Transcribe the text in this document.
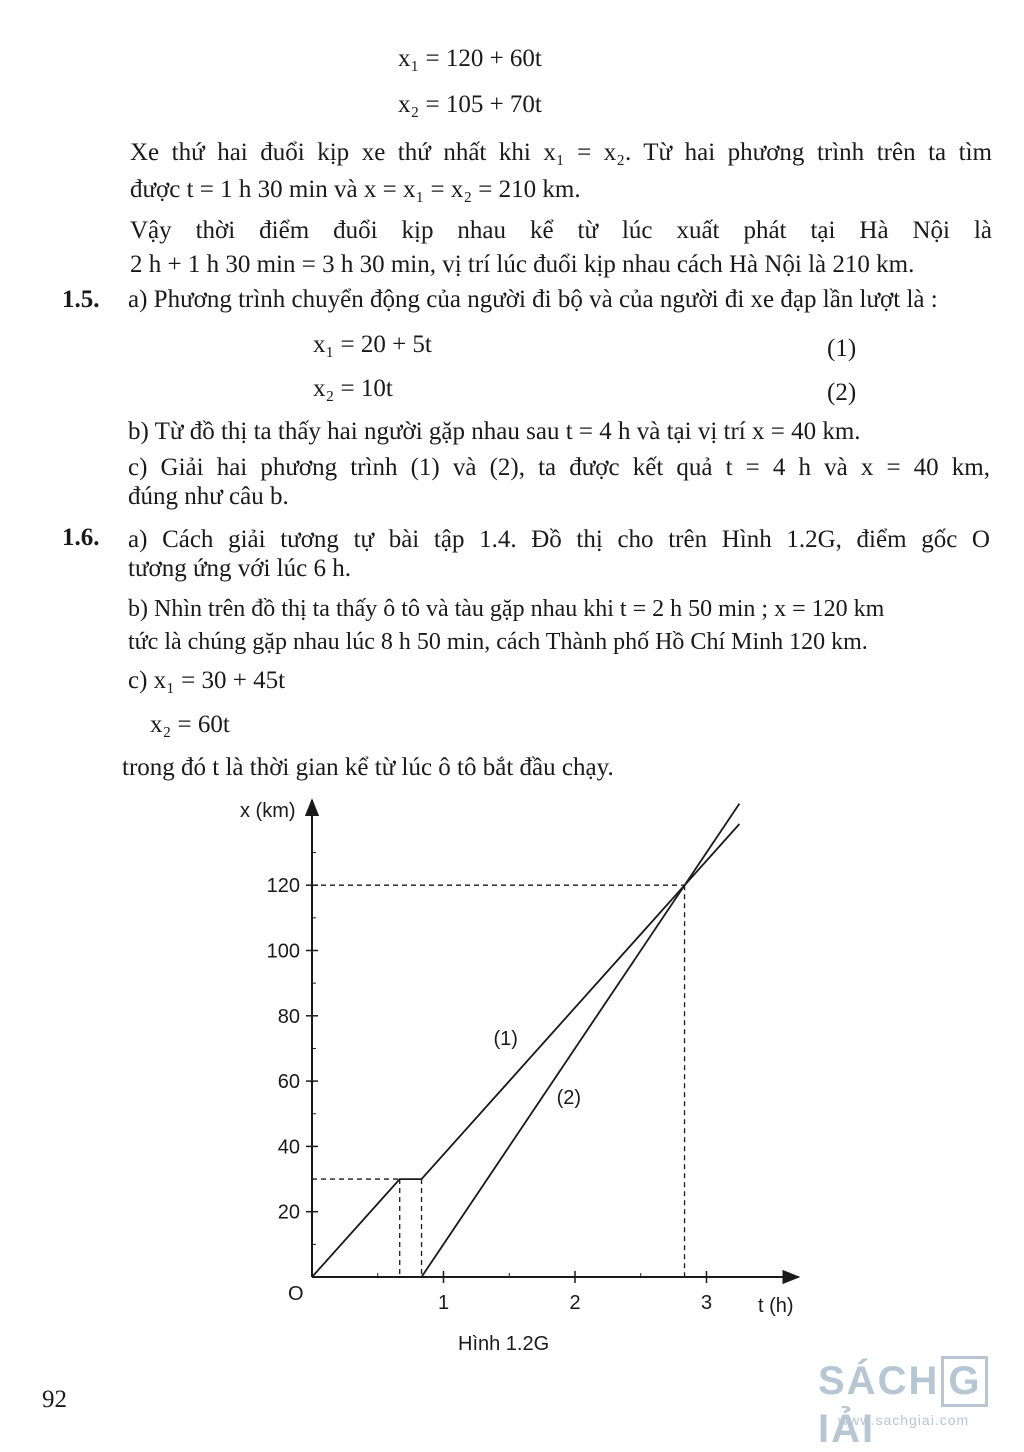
x₁ = 120 + 60t
x₂ = 105 + 70t
Xe thứ hai đuổi kịp xe thứ nhất khi x₁ = x₂. Từ hai phương trình trên ta tìm
được t = 1 h 30 min và x = x₁ = x₂ = 210 km.
Vậy thời điểm đuổi kịp nhau kể từ lúc xuất phát tại Hà Nội là
2 h + 1 h 30 min = 3 h 30 min, vị trí lúc đuổi kịp nhau cách Hà Nội là 210 km.
1.5. a) Phương trình chuyển động của người đi bộ và của người đi xe đạp lần lượt là :
x₁ = 20 + 5t	(1)
x₂ = 10t	(2)
b) Từ đồ thị ta thấy hai người gặp nhau sau t = 4 h và tại vị trí x = 40 km.
c) Giải hai phương trình (1) và (2), ta được kết quả t = 4 h và x = 40 km,
đúng như câu b.
1.6. a) Cách giải tương tự bài tập 1.4. Đồ thị cho trên Hình 1.2G, điểm gốc O
tương ứng với lúc 6 h.
b) Nhìn trên đồ thị ta thấy ô tô và tàu gặp nhau khi t = 2 h 50 min ; x = 120 km
tức là chúng gặp nhau lúc 8 h 50 min, cách Thành phố Hồ Chí Minh 120 km.
c) x₁ = 30 + 45t
x₂ = 60t
trong đó t là thời gian kể từ lúc ô tô bắt đầu chạy.
20
40
60
80
100
120
1	2	3
(1)
(2)
x (km)
t (h)
O
Hình 1.2G
92	SÁCH GIẢI
www.sachgiai.com
